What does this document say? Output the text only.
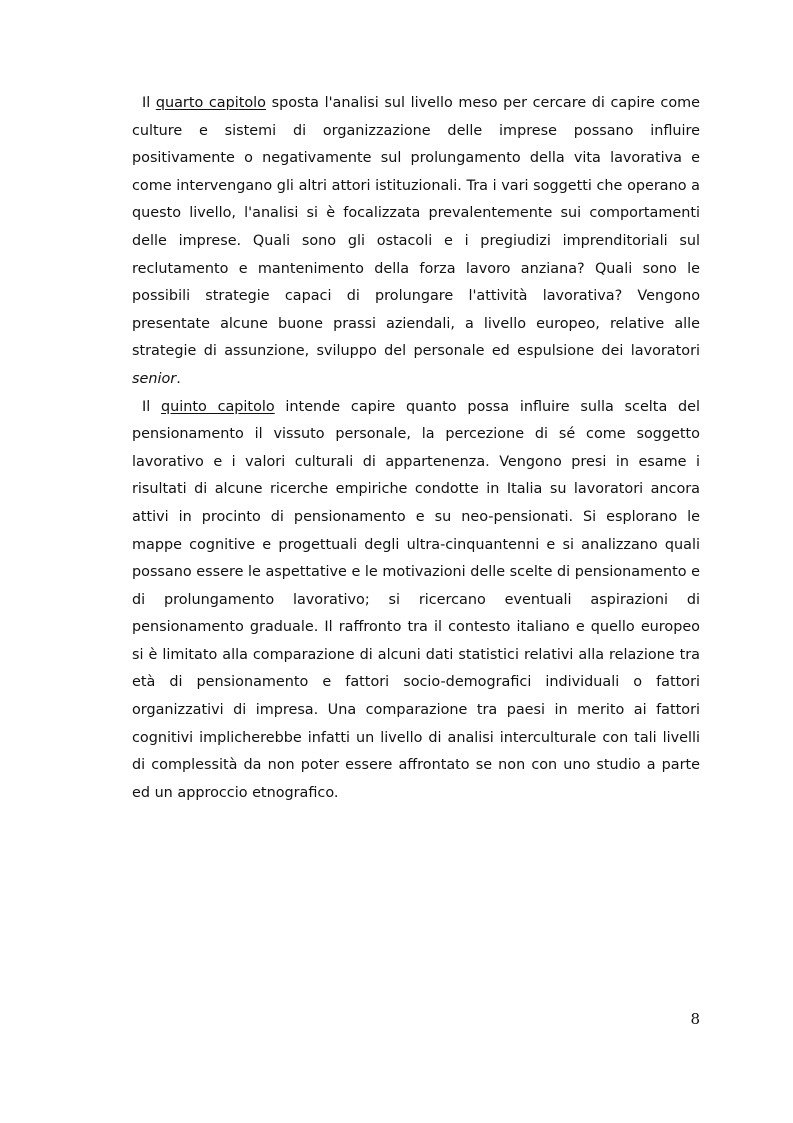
Il quarto capitolo sposta l'analisi sul livello meso per cercare di capire come culture e sistemi di organizzazione delle imprese possano influire positivamente o negativamente sul prolungamento della vita lavorativa e come intervengano gli altri attori istituzionali. Tra i vari soggetti che operano a questo livello, l'analisi si è focalizzata prevalentemente sui comportamenti delle imprese. Quali sono gli ostacoli e i pregiudizi imprenditoriali sul reclutamento e mantenimento della forza lavoro anziana? Quali sono le possibili strategie capaci di prolungare l'attività lavorativa? Vengono presentate alcune buone prassi aziendali, a livello europeo, relative alle strategie di assunzione, sviluppo del personale ed espulsione dei lavoratori senior.

Il quinto capitolo intende capire quanto possa influire sulla scelta del pensionamento il vissuto personale, la percezione di sé come soggetto lavorativo e i valori culturali di appartenenza. Vengono presi in esame i risultati di alcune ricerche empiriche condotte in Italia su lavoratori ancora attivi in procinto di pensionamento e su neo-pensionati. Si esplorano le mappe cognitive e progettuali degli ultra-cinquantenni e si analizzano quali possano essere le aspettative e le motivazioni delle scelte di pensionamento e di prolungamento lavorativo; si ricercano eventuali aspirazioni di pensionamento graduale. Il raffronto tra il contesto italiano e quello europeo si è limitato alla comparazione di alcuni dati statistici relativi alla relazione tra età di pensionamento e fattori socio-demografici individuali o fattori organizzativi di impresa. Una comparazione tra paesi in merito ai fattori cognitivi implicherebbe infatti un livello di analisi interculturale con tali livelli di complessità da non poter essere affrontato se non con uno studio a parte ed un approccio etnografico.

8
